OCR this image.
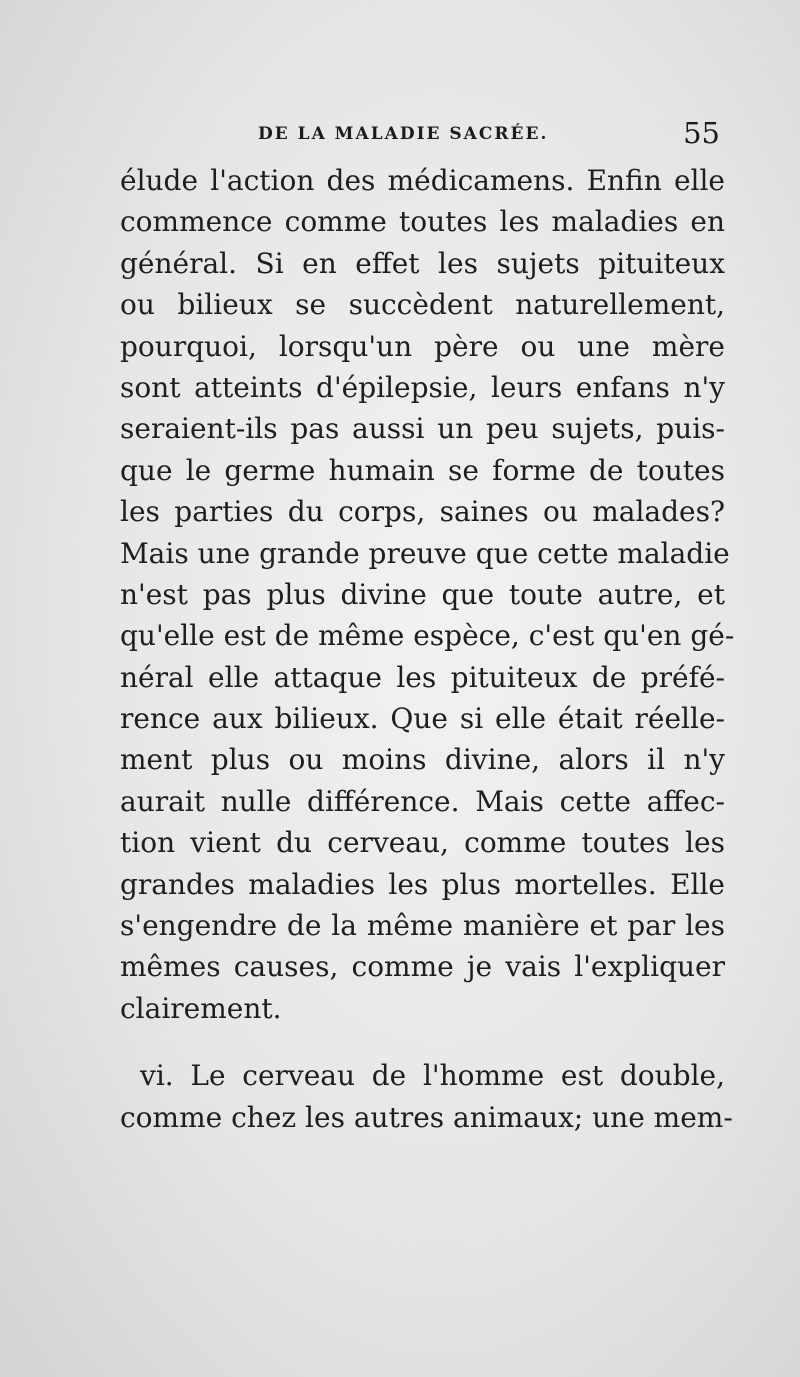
DE LA MALADIE SACRÉE.	55
élude l'action des médicamens. Enfin elle
commence comme toutes les maladies en
général. Si en effet les sujets pituiteux
ou bilieux se succèdent naturellement,
pourquoi, lorsqu'un père ou une mère
sont atteints d'épilepsie, leurs enfans n'y
seraient-ils pas aussi un peu sujets, puis-
que le germe humain se forme de toutes
les parties du corps, saines ou malades?
Mais une grande preuve que cette maladie
n'est pas plus divine que toute autre, et
qu'elle est de même espèce, c'est qu'en gé-
néral elle attaque les pituiteux de préfé-
rence aux bilieux. Que si elle était réelle-
ment plus ou moins divine, alors il n'y
aurait nulle différence. Mais cette affec-
tion vient du cerveau, comme toutes les
grandes maladies les plus mortelles. Elle
s'engendre de la même manière et par les
mêmes causes, comme je vais l'expliquer
clairement.
vi. Le cerveau de l'homme est double,
comme chez les autres animaux; une mem-
